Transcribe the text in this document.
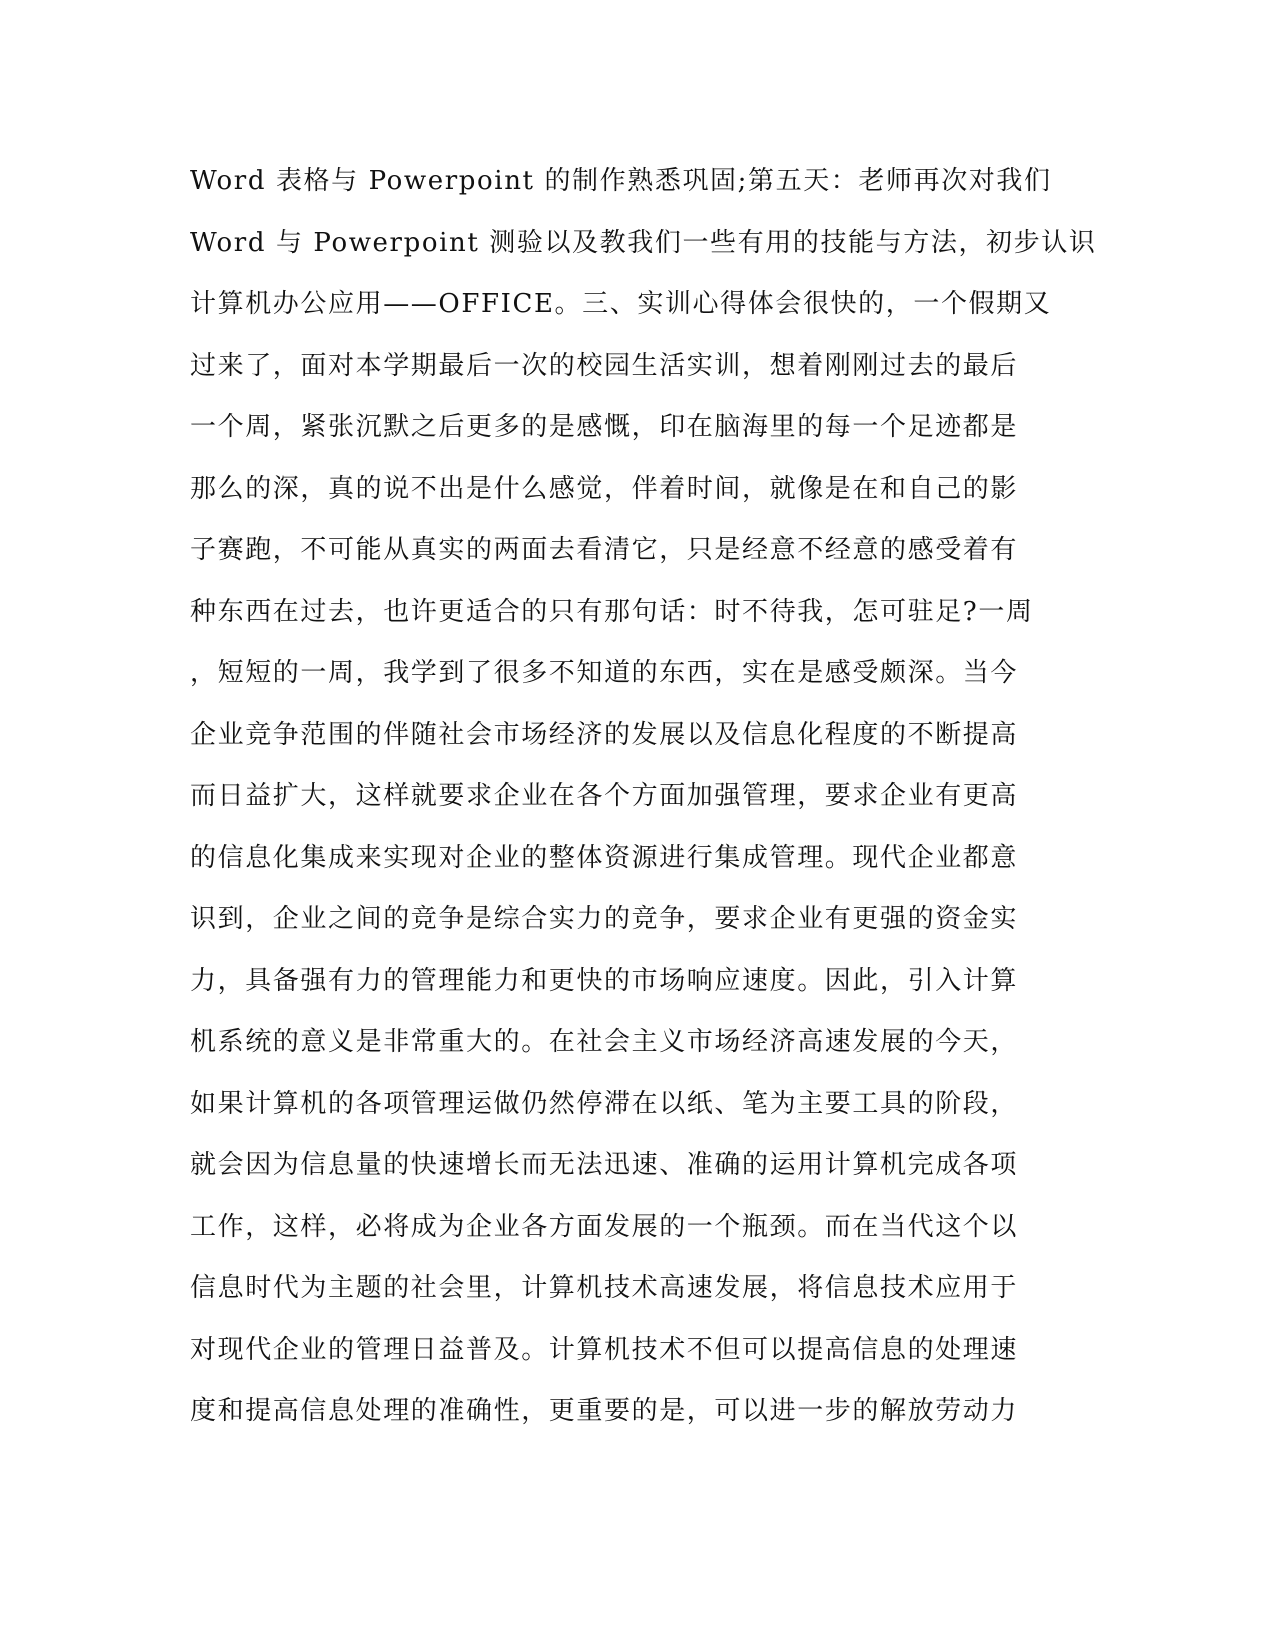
Word 表格与 Powerpoint 的制作熟悉巩固;第五天：老师再次对我们
Word 与 Powerpoint 测验以及教我们一些有用的技能与方法，初步认识
计算机办公应用——OFFICE。三、实训心得体会很快的，一个假期又
过来了，面对本学期最后一次的校园生活实训，想着刚刚过去的最后
一个周，紧张沉默之后更多的是感慨，印在脑海里的每一个足迹都是
那么的深，真的说不出是什么感觉，伴着时间，就像是在和自己的影
子赛跑，不可能从真实的两面去看清它，只是经意不经意的感受着有
种东西在过去，也许更适合的只有那句话：时不待我，怎可驻足?一周
，短短的一周，我学到了很多不知道的东西，实在是感受颇深。当今
企业竞争范围的伴随社会市场经济的发展以及信息化程度的不断提高
而日益扩大，这样就要求企业在各个方面加强管理，要求企业有更高
的信息化集成来实现对企业的整体资源进行集成管理。现代企业都意
识到，企业之间的竞争是综合实力的竞争，要求企业有更强的资金实
力，具备强有力的管理能力和更快的市场响应速度。因此，引入计算
机系统的意义是非常重大的。在社会主义市场经济高速发展的今天，
如果计算机的各项管理运做仍然停滞在以纸、笔为主要工具的阶段，
就会因为信息量的快速增长而无法迅速、准确的运用计算机完成各项
工作，这样，必将成为企业各方面发展的一个瓶颈。而在当代这个以
信息时代为主题的社会里，计算机技术高速发展，将信息技术应用于
对现代企业的管理日益普及。计算机技术不但可以提高信息的处理速
度和提高信息处理的准确性，更重要的是，可以进一步的解放劳动力
